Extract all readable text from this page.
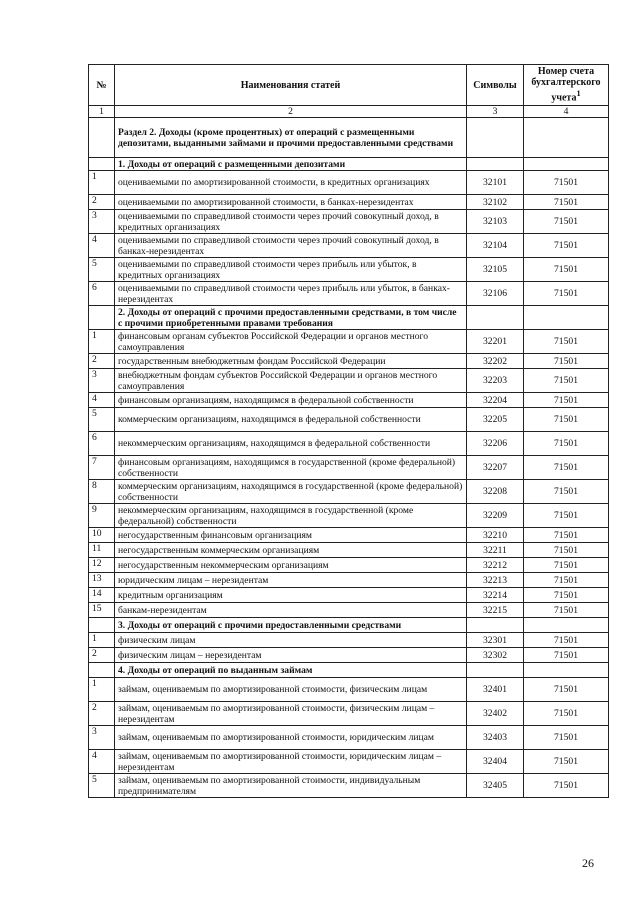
№	Наименования статей	Символы	Номер счета бухгалтерского учета$^1$
1	2	3	4
	Раздел 2. Доходы (кроме процентных) от операций с размещенными депозитами, выданными займами и прочими предоставленными средствами		
	1. Доходы от операций с размещенными депозитами		
1	оцениваемыми по амортизированной стоимости, в кредитных организациях	32101	71501
2	оцениваемыми по амортизированной стоимости, в банках-нерезидентах	32102	71501
3	оцениваемыми по справедливой стоимости через прочий совокупный доход, в кредитных организациях	32103	71501
4	оцениваемыми по справедливой стоимости через прочий совокупный доход, в банках-нерезидентах	32104	71501
5	оцениваемыми по справедливой стоимости через прибыль или убыток, в кредитных организациях	32105	71501
6	оцениваемыми по справедливой стоимости через прибыль или убыток, в банках-нерезидентах	32106	71501
	2. Доходы от операций с прочими предоставленными средствами, в том числе с прочими приобретенными правами требования		
1	финансовым органам субъектов Российской Федерации и органов местного самоуправления	32201	71501
2	государственным внебюджетным фондам Российской Федерации	32202	71501
3	внебюджетным фондам субъектов Российской Федерации и органов местного самоуправления	32203	71501
4	финансовым организациям, находящимся в федеральной собственности	32204	71501
5	коммерческим организациям, находящимся в федеральной собственности	32205	71501
6	некоммерческим организациям, находящимся в федеральной собственности	32206	71501
7	финансовым организациям, находящимся в государственной (кроме федеральной) собственности	32207	71501
8	коммерческим организациям, находящимся в государственной (кроме федеральной) собственности	32208	71501
9	некоммерческим организациям, находящимся в государственной (кроме федеральной) собственности	32209	71501
10	негосударственным финансовым организациям	32210	71501
11	негосударственным коммерческим организациям	32211	71501
12	негосударственным некоммерческим организациям	32212	71501
13	юридическим лицам – нерезидентам	32213	71501
14	кредитным организациям	32214	71501
15	банкам-нерезидентам	32215	71501
	3. Доходы от операций с прочими предоставленными средствами		
1	физическим лицам	32301	71501
2	физическим лицам – нерезидентам	32302	71501
	4. Доходы от операций по выданным займам		
1	займам, оцениваемым по амортизированной стоимости, физическим лицам	32401	71501
2	займам, оцениваемым по амортизированной стоимости, физическим лицам – нерезидентам	32402	71501
3	займам, оцениваемым по амортизированной стоимости, юридическим лицам	32403	71501
4	займам, оцениваемым по амортизированной стоимости, юридическим лицам – нерезидентам	32404	71501
5	займам, оцениваемым по амортизированной стоимости, индивидуальным предпринимателям	32405	71501
26
